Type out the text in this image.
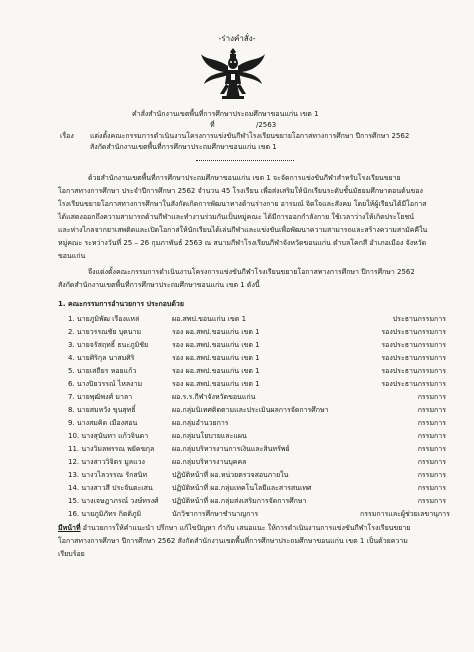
-ร่างคำสั่ง-
คำสั่งสำนักงานเขตพื้นที่การศึกษาประถมศึกษาขอนแก่น เขต 1
ที่	/2563
เรื่อง แต่งตั้งคณะกรรมการดำเนินงานโครงการแข่งขันกีฬาโรงเรียนขยายโอกาสทางการศึกษา ปีการศึกษา 2562
สังกัดสำนักงานเขตพื้นที่การศึกษาประถมศึกษาขอนแก่น เขต 1
ด้วยสำนักงานเขตพื้นที่การศึกษาประถมศึกษาขอนแก่น เขต 1 จะจัดการแข่งขันกีฬาสำหรับโรงเรียนขยาย
โอกาสทางการศึกษา ประจำปีการศึกษา 2562 จำนวน 45 โรงเรียน เพื่อส่งเสริมให้นักเรียนระดับชั้นมัธยมศึกษาตอนต้นของ
โรงเรียนขยายโอกาสทางการศึกษาในสังกัดเกิดการพัฒนาทางด้านร่างกาย อารมณ์ จิตใจและสังคม โดยให้ผู้เรียนได้มีโอกาส
ได้แสดงออกถึงความสามารถด้านกีฬาและทำงานร่วมกันเป็นหมู่คณะ ได้มีการออกกำลังกาย ใช้เวลาว่างให้เกิดประโยชน์
และห่างไกลจากยาเสพติดและเปิดโอกาสให้นักเรียนได้เล่นกีฬาและแข่งขันเพื่อพัฒนาความสามารถและสร้างความสามัคคีใน
หมู่คณะ ระหว่างวันที่ 25 – 26 กุมภาพันธ์ 2563 ณ สนามกีฬาโรงเรียนกีฬาจังหวัดขอนแก่น ตำบลโคกสี อำเภอเมือง จังหวัด
ขอนแก่น
จึงแต่งตั้งคณะกรรมการดำเนินงานโครงการแข่งขันกีฬาโรงเรียนขยายโอกาสทางการศึกษา ปีการศึกษา 2562
สังกัดสำนักงานเขตพื้นที่การศึกษาประถมศึกษาขอนแก่น เขต 1 ดังนี้
1. คณะกรรมการอำนวยการ ประกอบด้วย
1. นายภูมิพัฒ เรืองแหล่	ผอ.สพป.ขอนแก่น เขต 1	ประธานกรรมการ
2. นายวรรณชัย บุดนาม	รอง ผอ.สพป.ขอนแก่น เขต 1	รองประธานกรรมการ
3. นายจรัสฤทธิ์ ธนะภูมิชัย	รอง ผอ.สพป.ขอนแก่น เขต 1	รองประธานกรรมการ
4. นายศิริกุล นาสมศิริ	รอง ผอ.สพป.ขอนแก่น เขต 1	รองประธานกรรมการ
5. นายเสถียร หอยแก้ว	รอง ผอ.สพป.ขอนแก่น เขต 1	รองประธานกรรมการ
6. นางปิยวรรณ์ ไหลงาม	รอง ผอ.สพป.ขอนแก่น เขต 1	รองประธานกรรมการ
7. นายพุฒิพงศ์ มาลา	ผอ.ร.ร.กีฬาจังหวัดขอนแก่น	กรรมการ
8. นายสมหวัง ขุนสุทธิ์	ผอ.กลุ่มนิเทศติดตามและประเมินผลการจัดการศึกษา	กรรมการ
9. นางสมคิด เมืองสอน	ผอ.กลุ่มอำนวยการ	กรรมการ
10. นางสุนันทา แก้วจินดา	ผอ.กลุ่มนโยบายและแผน	กรรมการ
11. นางวิมลพรรณ พยัคฆกุล	ผอ.กลุ่มบริหารงานการเงินและสินทรัพย์	กรรมการ
12. นางสาววิจิตร มูลแวง	ผอ.กลุ่มบริหารงานบุคคล	กรรมการ
13. นางวไลวรรณ รักสนิท	ปฏิบัติหน้าที่ ผอ.หน่วยตรวจสอบภายใน	กรรมการ
14. นางสาวสี ประจันตะเสน	ปฏิบัติหน้าที่ ผอ.กลุ่มเทคโนโลยีและสารสนเทศ	กรรมการ
15. นางเจษฎาภรณ์ วงษ์ทรงศ์ ปฏิบัติหน้าที่ ผอ.กลุ่มส่งเสริมการจัดการศึกษา	กรรมการ
16. นายภูมิภัทร กิตติภูมิ	นักวิชาการศึกษาชำนาญการ	กรรมการและผู้ช่วยเลขานุการ
มีหน้าที่ อำนวยการให้คำแนะนำ ปรึกษา แก้ไขปัญหา กำกับ เสนอแนะ ให้การดำเนินงานการแข่งขันกีฬาโรงเรียนขยาย
โอกาสทางการศึกษา ปีการศึกษา 2562 สังกัดสำนักงานเขตพื้นที่การศึกษาประถมศึกษาขอนแก่น เขต 1 เป็นด้วยความ
เรียบร้อย
